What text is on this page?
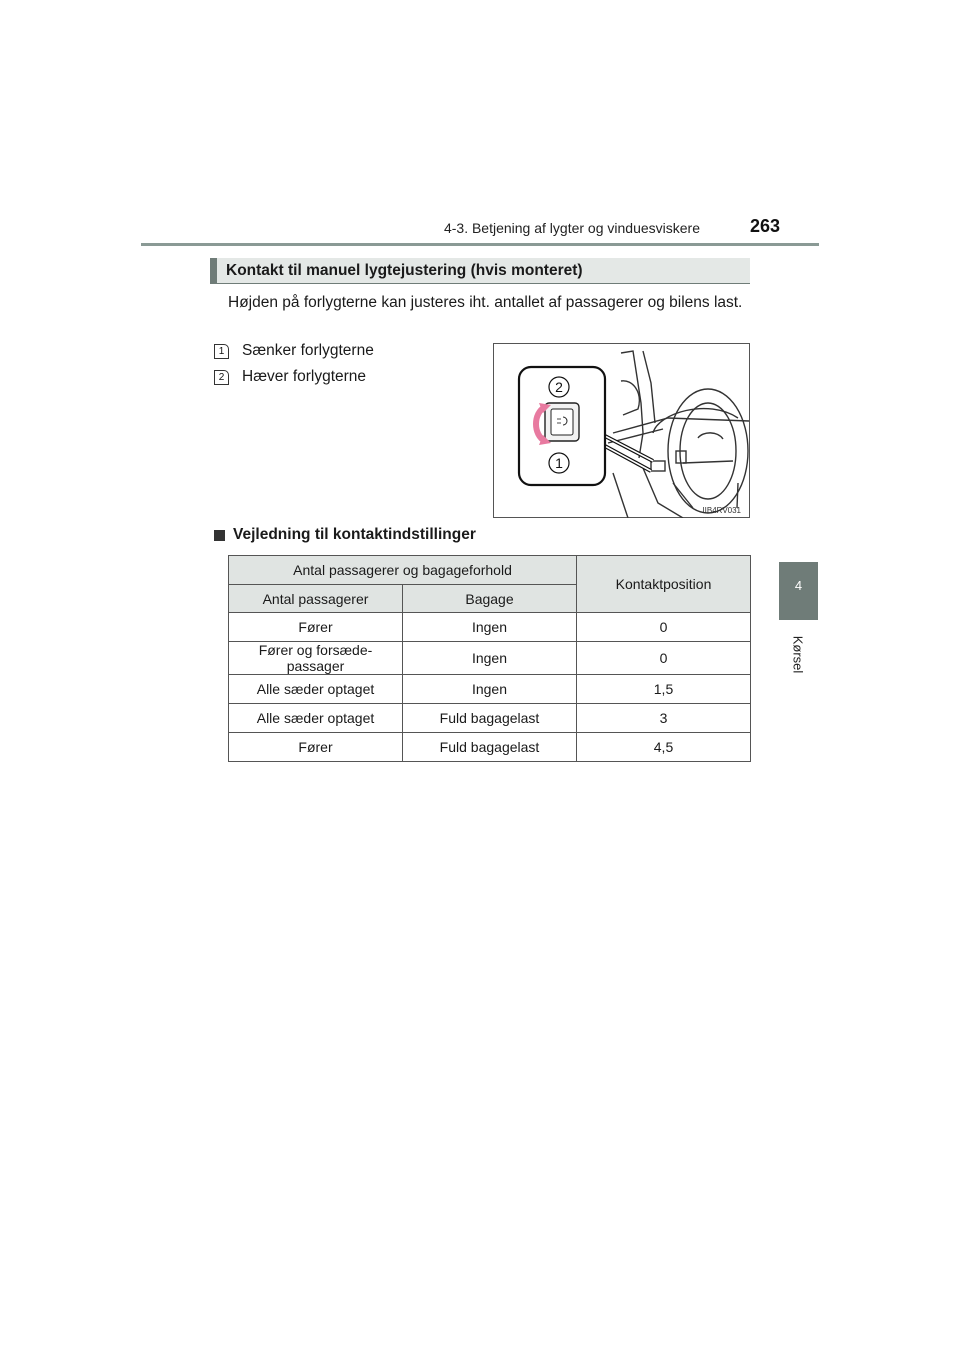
4-3. Betjening af lygter og vinduesviskere	263
4
Kørsel
Kontakt til manuel lygtejustering (hvis monteret)
Højden på forlygterne kan justeres iht. antallet af passagerer og bilens last.
1	Sænker forlygterne
2	Hæver forlygterne
2
1
IIB4RV031
Vejledning til kontaktindstillinger
Antal passagerer og bagageforhold		Kontaktposition
Antal passagerer	Bagage	
Fører	Ingen	0
Fører og forsæde-passager	Ingen	0
Alle sæder optaget	Ingen	1,5
Alle sæder optaget	Fuld bagagelast	3
Fører	Fuld bagagelast	4,5
